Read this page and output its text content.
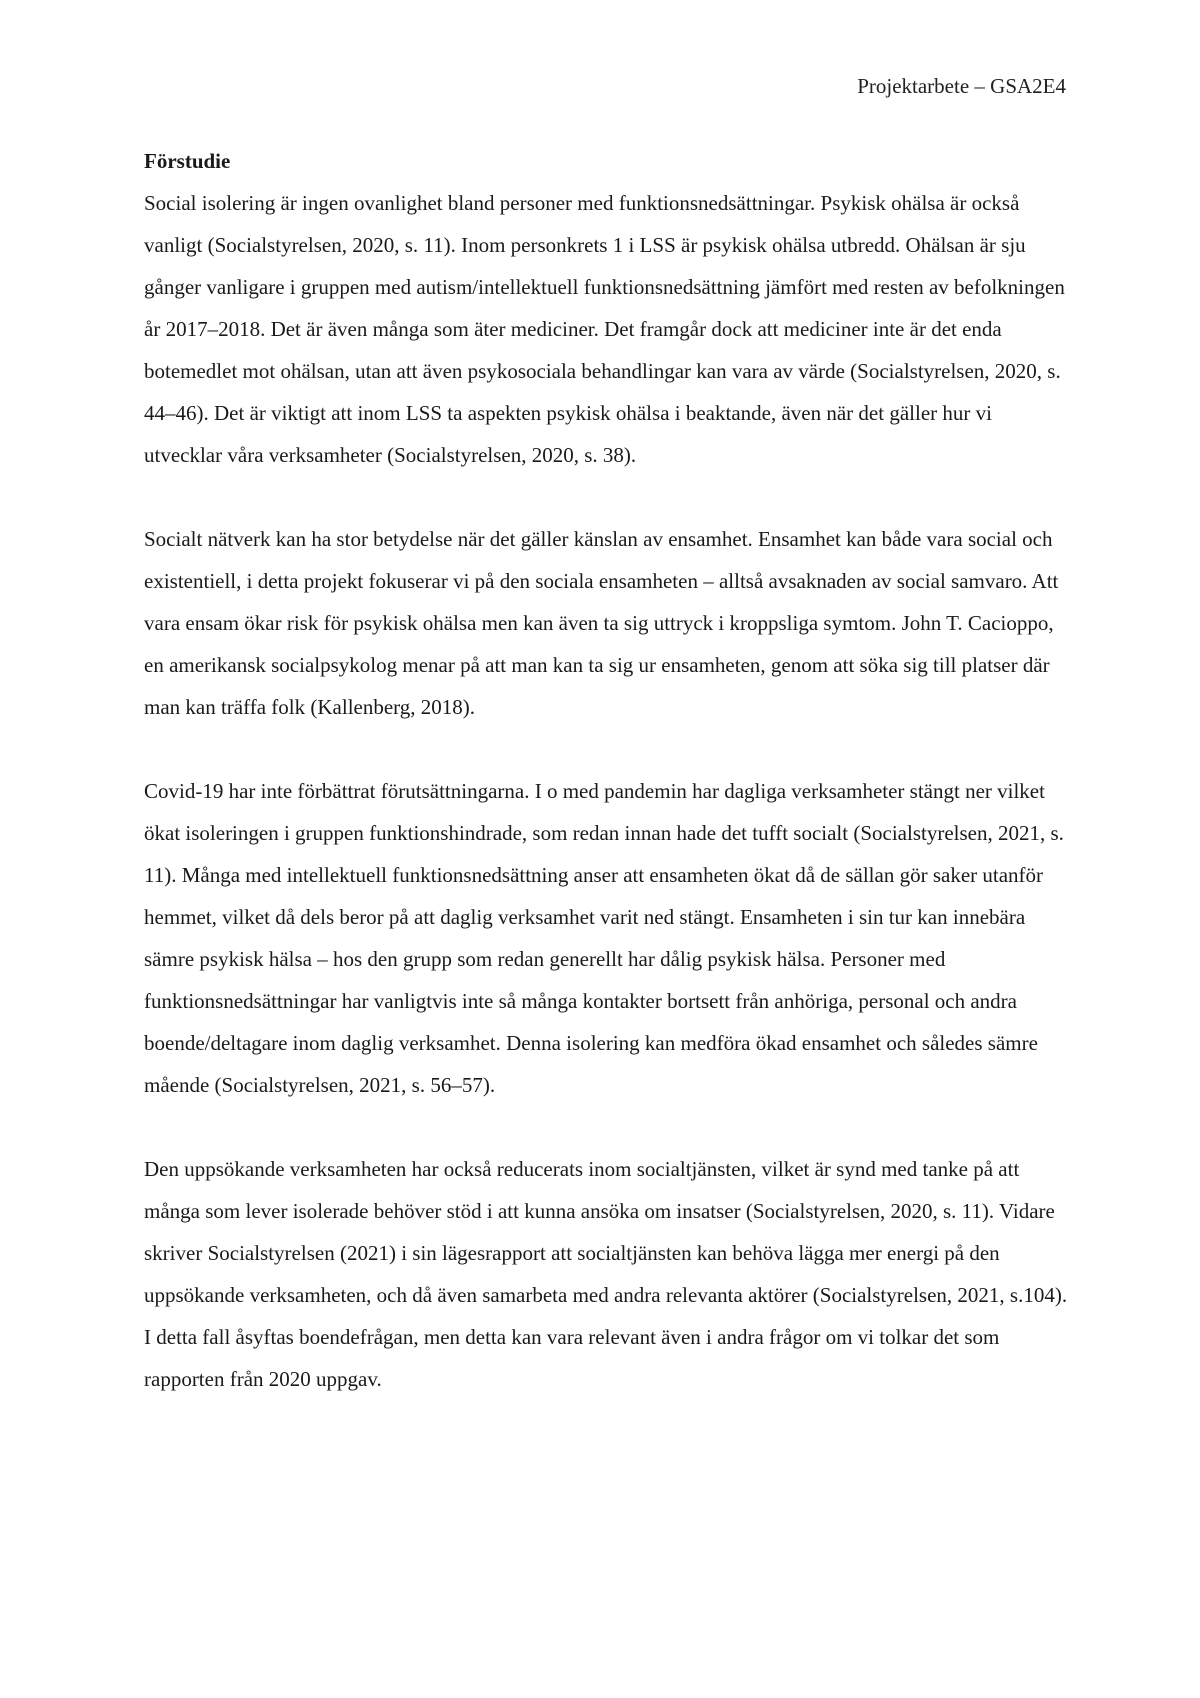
Projektarbete – GSA2E4

Förstudie

Social isolering är ingen ovanlighet bland personer med funktionsnedsättningar. Psykisk ohälsa är också vanligt (Socialstyrelsen, 2020, s. 11). Inom personkrets 1 i LSS är psykisk ohälsa utbredd. Ohälsan är sju gånger vanligare i gruppen med autism/intellektuell funktionsnedsättning jämfört med resten av befolkningen år 2017–2018. Det är även många som äter mediciner. Det framgår dock att mediciner inte är det enda botemedlet mot ohälsan, utan att även psykosociala behandlingar kan vara av värde (Socialstyrelsen, 2020, s. 44–46). Det är viktigt att inom LSS ta aspekten psykisk ohälsa i beaktande, även när det gäller hur vi utvecklar våra verksamheter (Socialstyrelsen, 2020, s. 38).

Socialt nätverk kan ha stor betydelse när det gäller känslan av ensamhet. Ensamhet kan både vara social och existentiell, i detta projekt fokuserar vi på den sociala ensamheten – alltså avsaknaden av social samvaro. Att vara ensam ökar risk för psykisk ohälsa men kan även ta sig uttryck i kroppsliga symtom. John T. Cacioppo, en amerikansk socialpsykolog menar på att man kan ta sig ur ensamheten, genom att söka sig till platser där man kan träffa folk (Kallenberg, 2018).

Covid-19 har inte förbättrat förutsättningarna. I o med pandemin har dagliga verksamheter stängt ner vilket ökat isoleringen i gruppen funktionshindrade, som redan innan hade det tufft socialt (Socialstyrelsen, 2021, s. 11). Många med intellektuell funktionsnedsättning anser att ensamheten ökat då de sällan gör saker utanför hemmet, vilket då dels beror på att daglig verksamhet varit ned stängt. Ensamheten i sin tur kan innebära sämre psykisk hälsa – hos den grupp som redan generellt har dålig psykisk hälsa. Personer med funktionsnedsättningar har vanligtvis inte så många kontakter bortsett från anhöriga, personal och andra boende/deltagare inom daglig verksamhet. Denna isolering kan medföra ökad ensamhet och således sämre mående (Socialstyrelsen, 2021, s. 56–57).

Den uppsökande verksamheten har också reducerats inom socialtjänsten, vilket är synd med tanke på att många som lever isolerade behöver stöd i att kunna ansöka om insatser (Socialstyrelsen, 2020, s. 11). Vidare skriver Socialstyrelsen (2021) i sin lägesrapport att socialtjänsten kan behöva lägga mer energi på den uppsökande verksamheten, och då även samarbeta med andra relevanta aktörer (Socialstyrelsen, 2021, s.104). I detta fall åsyftas boendefrågan, men detta kan vara relevant även i andra frågor om vi tolkar det som rapporten från 2020 uppgav.
